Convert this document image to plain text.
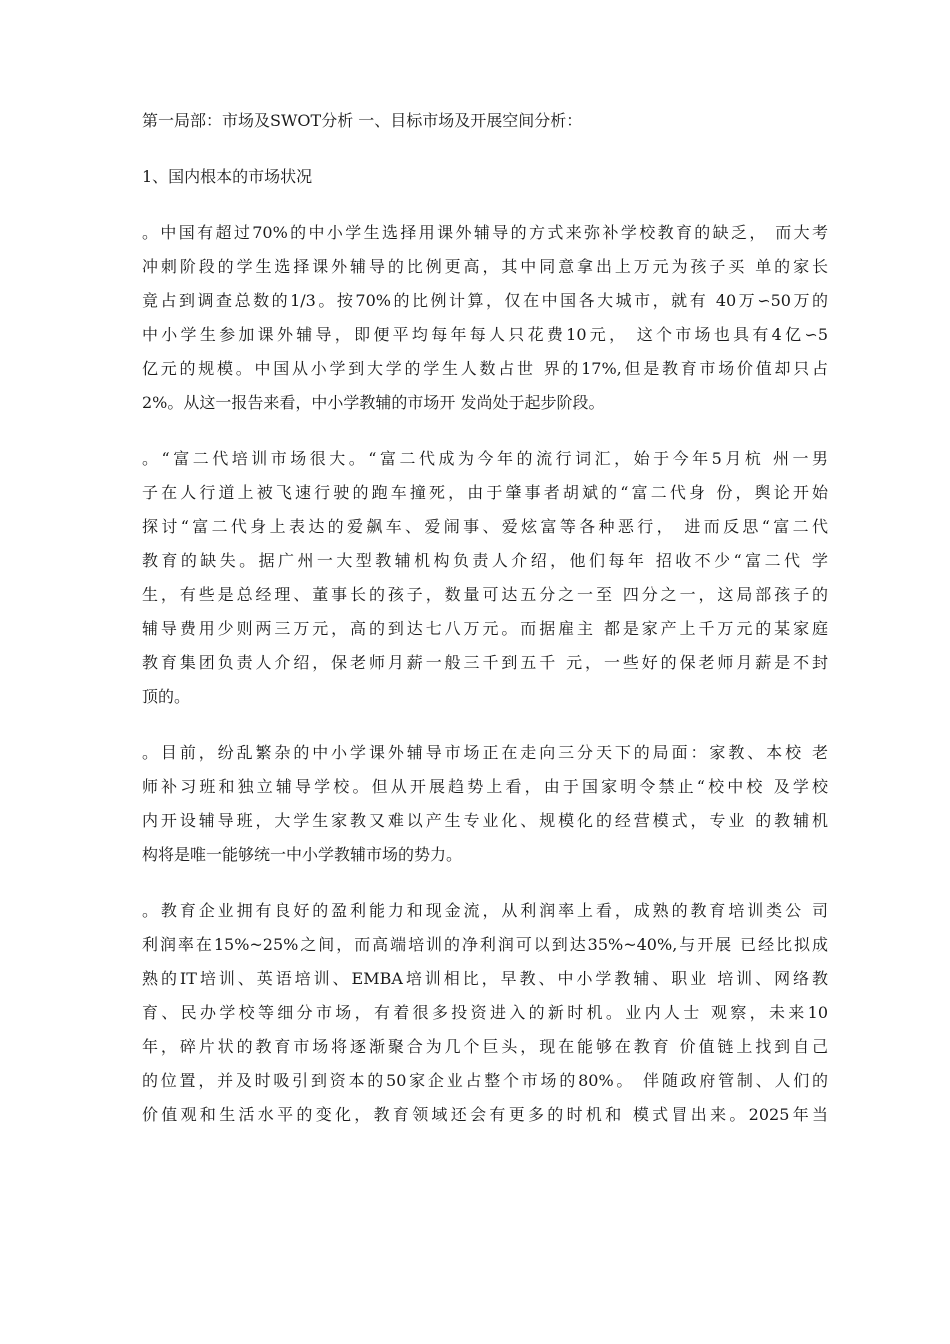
第一局部：市场及SWOT分析 一、目标市场及开展空间分析：
1、国内根本的市场状况
。中国有超过70%的中小学生选择用课外辅导的方式来弥补学校教育的缺乏， 而大考
冲刺阶段的学生选择课外辅导的比例更高，其中同意拿出上万元为孩子买 单的家长
竟占到调查总数的1/3。按70%的比例计算，仅在中国各大城市，就有 40万∽50万的
中小学生参加课外辅导，即便平均每年每人只花费10元， 这个市场也具有4亿∽5
亿元的规模。中国从小学到大学的学生人数占世 界的17%,但是教育市场价值却只占
2%。从这一报告来看，中小学教辅的市场开 发尚处于起步阶段。
。“富二代培训市场很大。“富二代成为今年的流行词汇，始于今年5月杭 州一男
子在人行道上被飞速行驶的跑车撞死，由于肇事者胡斌的“富二代身 份，舆论开始
探讨“富二代身上表达的爱飙车、爱闹事、爱炫富等各种恶行， 进而反思“富二代
教育的缺失。据广州一大型教辅机构负责人介绍，他们每年 招收不少“富二代 学
生，有些是总经理、董事长的孩子，数量可达五分之一至 四分之一，这局部孩子的
辅导费用少则两三万元，高的到达七八万元。而据雇主 都是家产上千万元的某家庭
教育集团负责人介绍，保老师月薪一般三千到五千 元，一些好的保老师月薪是不封
顶的。
。目前，纷乱繁杂的中小学课外辅导市场正在走向三分天下的局面：家教、本校 老
师补习班和独立辅导学校。但从开展趋势上看，由于国家明令禁止“校中校 及学校
内开设辅导班，大学生家教又难以产生专业化、规模化的经营模式，专业 的教辅机
构将是唯一能够统一中小学教辅市场的势力。
。教育企业拥有良好的盈利能力和现金流，从利润率上看，成熟的教育培训类公 司
利润率在15%~25%之间，而高端培训的净利润可以到达35%~40%,与开展 已经比拟成
熟的IT培训、英语培训、EMBA培训相比，早教、中小学教辅、职业 培训、网络教
育、民办学校等细分市场，有着很多投资进入的新时机。业内人士 观察，未来10
年，碎片状的教育市场将逐渐聚合为几个巨头，现在能够在教育 价值链上找到自己
的位置，并及时吸引到资本的50家企业占整个市场的80%。 伴随政府管制、人们的
价值观和生活水平的变化，教育领域还会有更多的时机和 模式冒出来。2025年当
